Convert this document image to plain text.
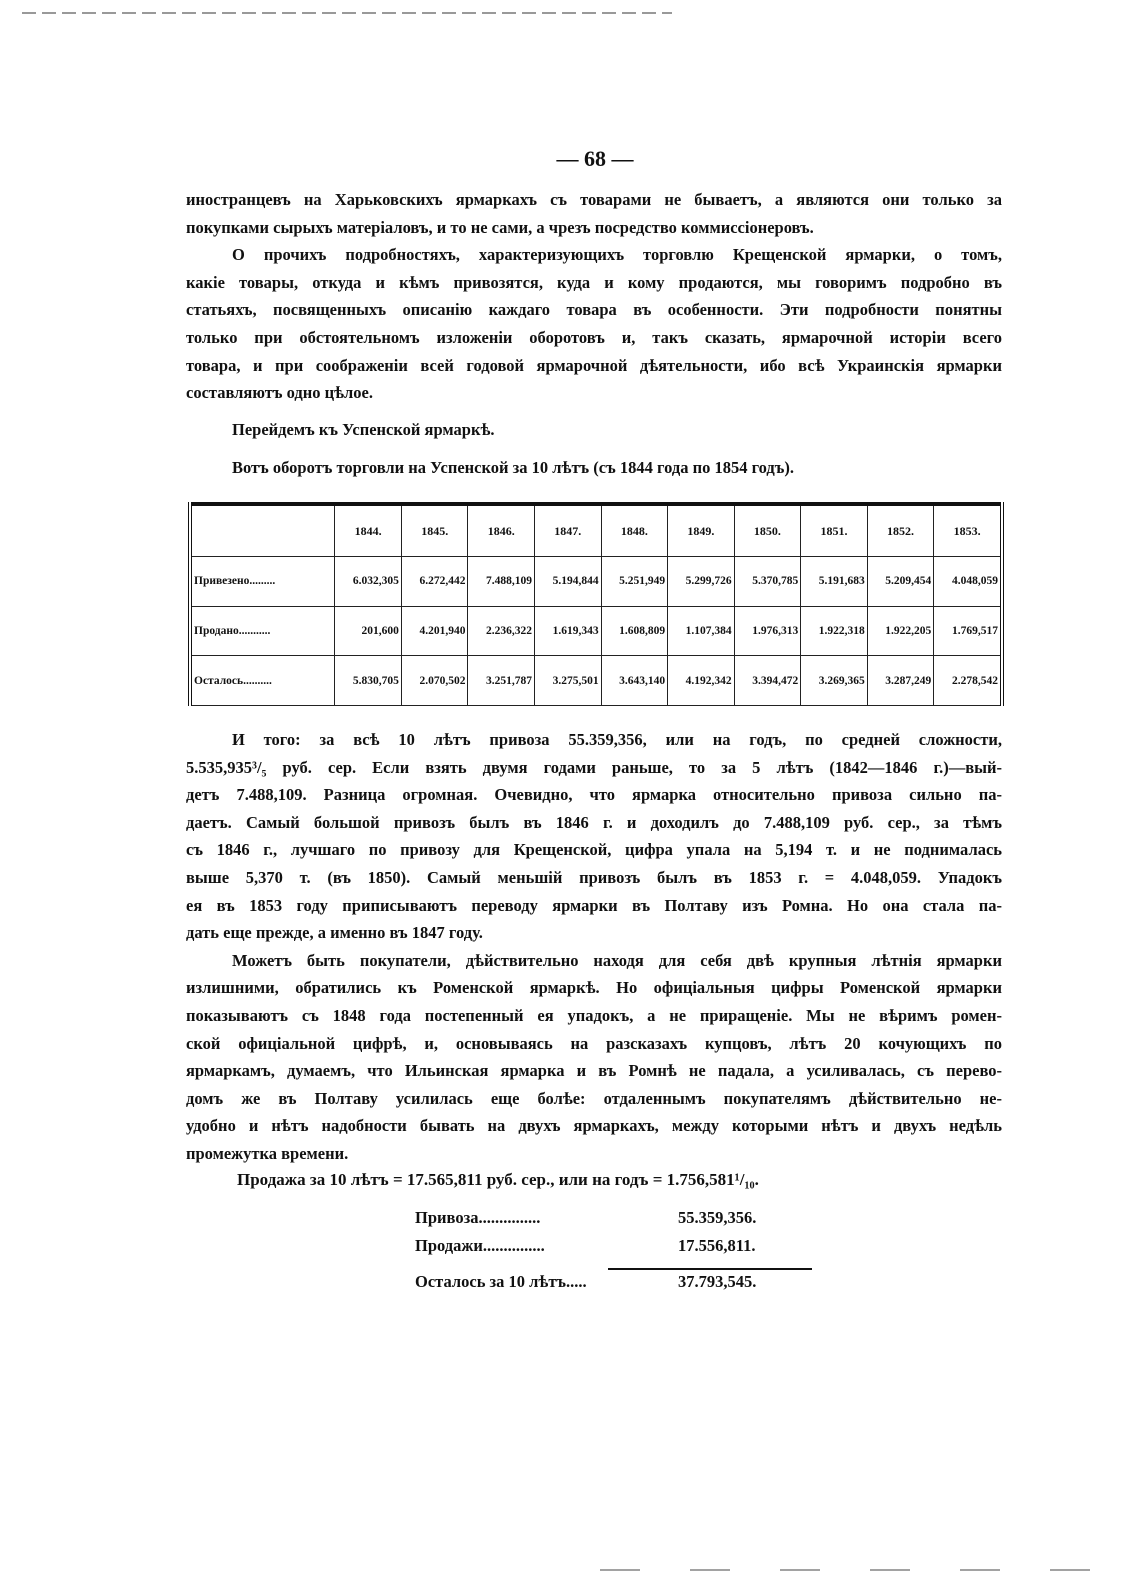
— 68 —
иностранцевъ на Харьковскихъ ярмаркахъ съ товарами не бываетъ, а являются они только за
покупками сырыхъ матеріаловъ, и то не сами, а чрезъ посредство коммиссіонеровъ.
О прочихъ подробностяхъ, характеризующихъ торговлю Крещенской ярмарки, о томъ,
какіе товары, откуда и кѣмъ привозятся, куда и кому продаются, мы говоримъ подробно въ
статьяхъ, посвященныхъ описанію каждаго товара въ особенности. Эти подробности понятны
только при обстоятельномъ изложеніи оборотовъ и, такъ сказать, ярмарочной исторіи всего
товара, и при соображеніи всей годовой ярмарочной дѣятельности, ибо всѣ Украинскія ярмарки
составляютъ одно цѣлое.
Перейдемъ къ Успенской ярмаркѣ.
Вотъ оборотъ торговли на Успенской за 10 лѣтъ (съ 1844 года по 1854 годъ).
	1844.	1845.	1846.	1847.	1848.	1849.	1850.	1851.	1852.	1853.
Привезено.........	6.032,305	6.272,442	7.488,109	5.194,844	5.251,949	5.299,726	5.370,785	5.191,683	5.209,454	4.048,059
Продано...........	201,600	4.201,940	2.236,322	1.619,343	1.608,809	1.107,384	1.976,313	1.922,318	1.922,205	1.769,517
Осталось..........	5.830,705	2.070,502	3.251,787	3.275,501	3.643,140	4.192,342	3.394,472	3.269,365	3.287,249	2.278,542
И того: за всѣ 10 лѣтъ привоза 55.359,356, или на годъ, по средней сложности,
5.535,935³/₅ руб. сер. Если взять двумя годами раньше, то за 5 лѣтъ (1842—1846 г.)—вый-
детъ 7.488,109. Разница огромная. Очевидно, что ярмарка относительно привоза сильно па-
даетъ. Самый большой привозъ былъ въ 1846 г. и доходилъ до 7.488,109 руб. сер., за тѣмъ
съ 1846 г., лучшаго по привозу для Крещенской, цифра упала на 5,194 т. и не поднималась
выше 5,370 т. (въ 1850). Самый меньшій привозъ былъ въ 1853 г. = 4.048,059. Упадокъ
ея въ 1853 году приписываютъ переводу ярмарки въ Полтаву изъ Ромна. Но она стала па-
дать еще прежде, а именно въ 1847 году.
Можетъ быть покупатели, дѣйствительно находя для себя двѣ крупныя лѣтнія ярмарки
излишними, обратились къ Роменской ярмаркѣ. Но офиціальныя цифры Роменской ярмарки
показываютъ съ 1848 года постепенный ея упадокъ, а не приращеніе. Мы не вѣримъ ромен-
ской офиціальной цифрѣ, и, основываясь на разсказахъ купцовъ, лѣтъ 20 кочующихъ по
ярмаркамъ, думаемъ, что Ильинская ярмарка и въ Ромнѣ не падала, а усиливалась, съ перево-
домъ же въ Полтаву усилилась еще болѣе: отдаленнымъ покупателямъ дѣйствительно не-
удобно и нѣтъ надобности бывать на двухъ ярмаркахъ, между которыми нѣтъ и двухъ недѣль
промежутка времени.
Продажа за 10 лѣтъ = 17.565,811 руб. сер., или на годъ = 1.756,581¹/₁₀.
Привоза...............	55.359,356.
Продажи...............	17.556,811.
Осталось за 10 лѣтъ.....	37.793,545.
